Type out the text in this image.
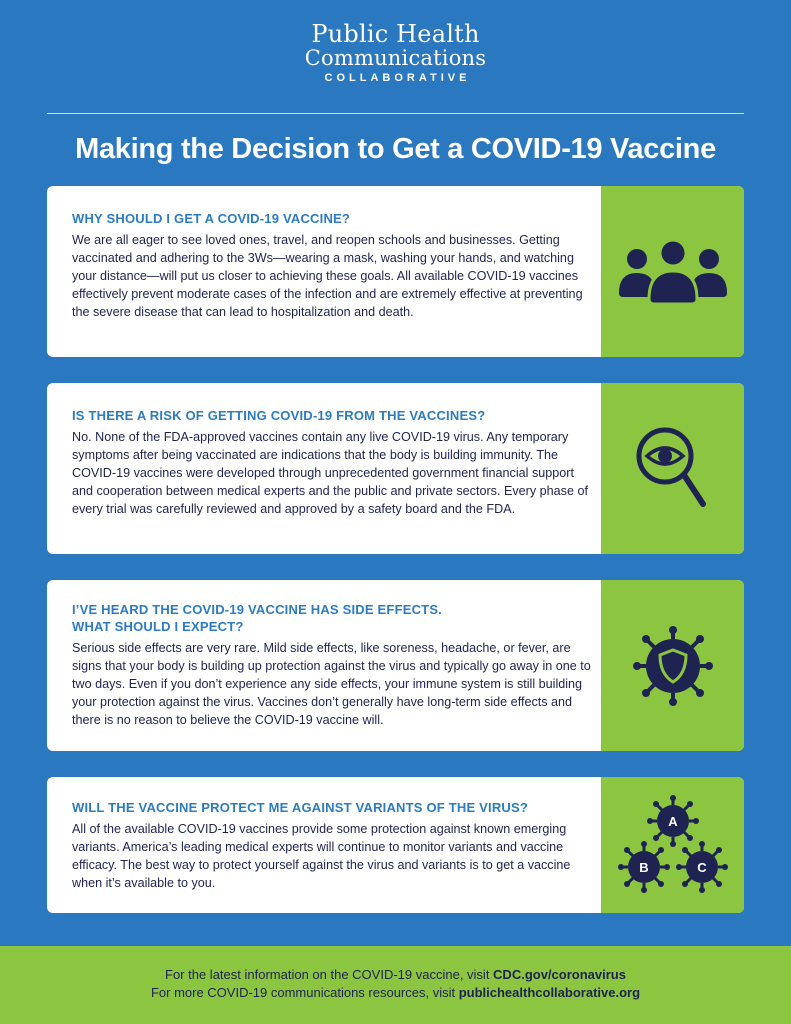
Public Health
Communications
COLLABORATIVE
Making the Decision to Get a COVID-19 Vaccine
WHY SHOULD I GET A COVID-19 VACCINE?

We are all eager to see loved ones, travel, and reopen schools and businesses. Getting vaccinated and adhering to the 3Ws—wearing a mask, washing your hands, and watching your distance—will put us closer to achieving these goals. All available COVID-19 vaccines effectively prevent moderate cases of the infection and are extremely effective at preventing the severe disease that can lead to hospitalization and death.

IS THERE A RISK OF GETTING COVID-19 FROM THE VACCINES?

No. None of the FDA-approved vaccines contain any live COVID-19 virus. Any temporary symptoms after being vaccinated are indications that the body is building immunity. The COVID-19 vaccines were developed through unprecedented government financial support and cooperation between medical experts and the public and private sectors. Every phase of every trial was carefully reviewed and approved by a safety board and the FDA.

I’VE HEARD THE COVID-19 VACCINE HAS SIDE EFFECTS.
WHAT SHOULD I EXPECT?

Serious side effects are very rare. Mild side effects, like soreness, headache, or fever, are signs that your body is building up protection against the virus and typically go away in one to two days. Even if you don’t experience any side effects, your immune system is still building your protection against the virus. Vaccines don’t generally have long-term side effects and there is no reason to believe the COVID-19 vaccine will.

WILL THE VACCINE PROTECT ME AGAINST VARIANTS OF THE VIRUS?

All of the available COVID-19 vaccines provide some protection against known emerging variants. America’s leading medical experts will continue to monitor variants and vaccine efficacy. The best way to protect yourself against the virus and variants is to get a vaccine when it’s available to you.

A
B	C
For the latest information on the COVID-19 vaccine, visit CDC.gov/coronavirus
For more COVID-19 communications resources, visit publichealthcollaborative.org
